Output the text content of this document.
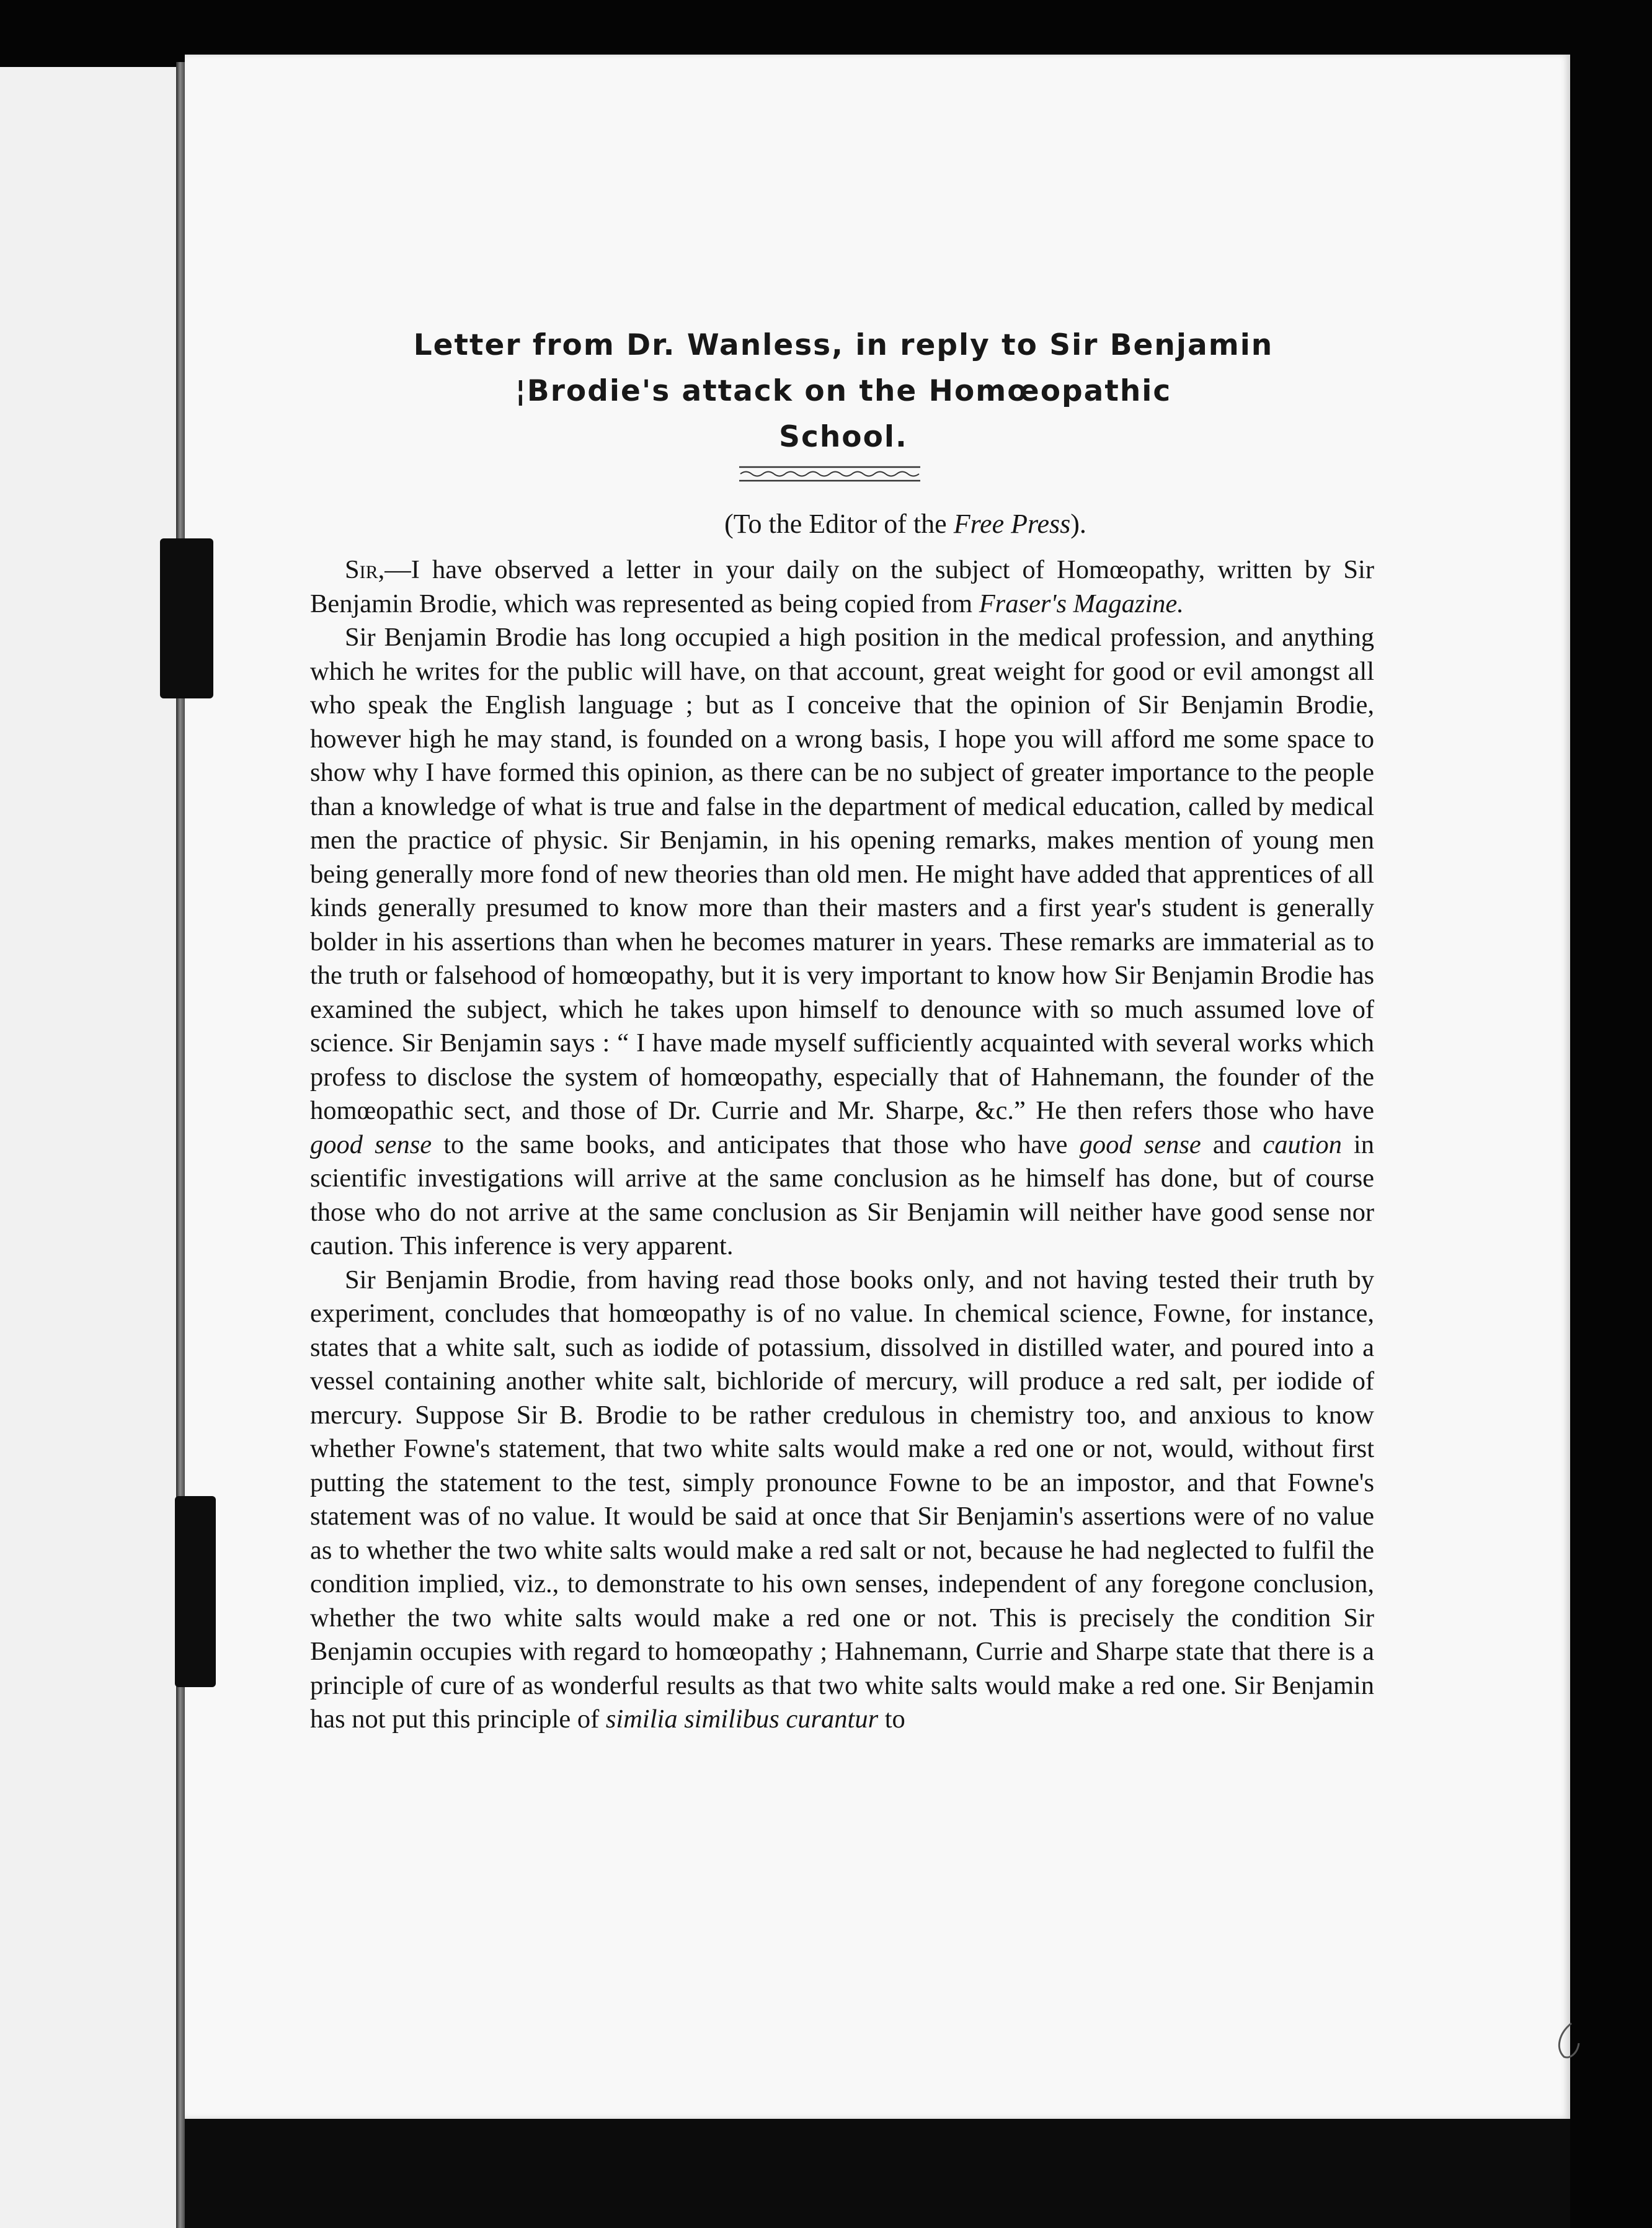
Letter from Dr. Wanless, in reply to Sir Benjamin
¦Brodie's attack on the Homœopathic
School.
(To the Editor of the Free Press).

Sir,—I have observed a letter in your daily on the subject of Homœopathy, written by Sir Benjamin Brodie, which was represented as being copied from Fraser's Magazine.

Sir Benjamin Brodie has long occupied a high position in the medical profession, and anything which he writes for the public will have, on that account, great weight for good or evil amongst all who speak the English language ; but as I conceive that the opinion of Sir Benjamin Brodie, however high he may stand, is founded on a wrong basis, I hope you will afford me some space to show why I have formed this opinion, as there can be no subject of greater importance to the people than a knowledge of what is true and false in the department of medical education, called by medical men the practice of physic. Sir Benjamin, in his opening remarks, makes mention of young men being generally more fond of new theories than old men. He might have added that apprentices of all kinds generally presumed to know more than their masters and a first year's student is generally bolder in his assertions than when he becomes maturer in years. These remarks are immaterial as to the truth or falsehood of homœopathy, but it is very important to know how Sir Benjamin Brodie has examined the subject, which he takes upon himself to denounce with so much assumed love of science. Sir Benjamin says : “ I have made myself sufficiently acquainted with several works which profess to disclose the system of homœopathy, especially that of Hahnemann, the founder of the homœopathic sect, and those of Dr. Currie and Mr. Sharpe, &c.” He then refers those who have good sense to the same books, and anticipates that those who have good sense and caution in scientific investigations will arrive at the same conclusion as he himself has done, but of course those who do not arrive at the same conclusion as Sir Benjamin will neither have good sense nor caution. This inference is very apparent.

Sir Benjamin Brodie, from having read those books only, and not having tested their truth by experiment, concludes that homœopathy is of no value. In chemical science, Fowne, for instance, states that a white salt, such as iodide of potassium, dissolved in distilled water, and poured into a vessel containing another white salt, bichloride of mercury, will produce a red salt, per iodide of mercury. Suppose Sir B. Brodie to be rather credulous in chemistry too, and anxious to know whether Fowne's statement, that two white salts would make a red one or not, would, without first putting the statement to the test, simply pronounce Fowne to be an impostor, and that Fowne's statement was of no value. It would be said at once that Sir Benjamin's assertions were of no value as to whether the two white salts would make a red salt or not, because he had neglected to fulfil the condition implied, viz., to demonstrate to his own senses, independent of any foregone conclusion, whether the two white salts would make a red one or not. This is precisely the condition Sir Benjamin occupies with regard to homœopathy ; Hahnemann, Currie and Sharpe state that there is a principle of cure of as wonderful results as that two white salts would make a red one. Sir Benjamin has not put this principle of similia similibus curantur to
